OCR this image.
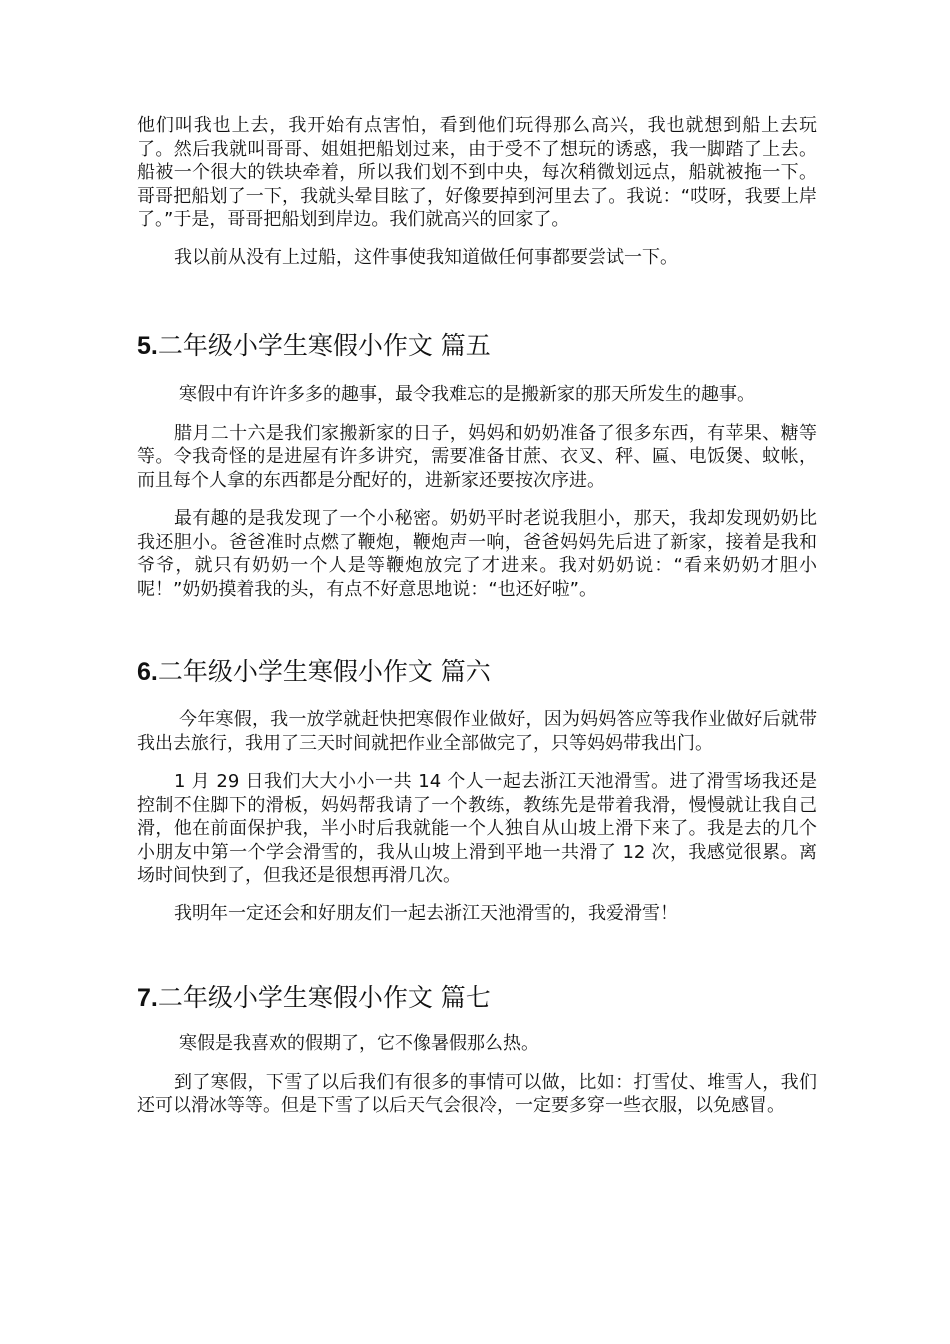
他们叫我也上去，我开始有点害怕，看到他们玩得那么高兴，我也就想到船上去玩了。然后我就叫哥哥、姐姐把船划过来，由于受不了想玩的诱惑，我一脚踏了上去。船被一个很大的铁块牵着，所以我们划不到中央，每次稍微划远点，船就被拖一下。哥哥把船划了一下，我就头晕目眩了，好像要掉到河里去了。我说：“哎呀，我要上岸了。”于是，哥哥把船划到岸边。我们就高兴的回家了。

我以前从没有上过船，这件事使我知道做任何事都要尝试一下。

5.二年级小学生寒假小作文 篇五

寒假中有许许多多的趣事，最令我难忘的是搬新家的那天所发生的趣事。

腊月二十六是我们家搬新家的日子，妈妈和奶奶准备了很多东西，有苹果、糖等等。令我奇怪的是进屋有许多讲究，需要准备甘蔗、衣叉、秤、匾、电饭煲、蚊帐，而且每个人拿的东西都是分配好的，进新家还要按次序进。

最有趣的是我发现了一个小秘密。奶奶平时老说我胆小，那天，我却发现奶奶比我还胆小。爸爸准时点燃了鞭炮，鞭炮声一响，爸爸妈妈先后进了新家，接着是我和爷爷，就只有奶奶一个人是等鞭炮放完了才进来。我对奶奶说：“看来奶奶才胆小呢！”奶奶摸着我的头，有点不好意思地说：“也还好啦”。

6.二年级小学生寒假小作文 篇六

今年寒假，我一放学就赶快把寒假作业做好，因为妈妈答应等我作业做好后就带我出去旅行，我用了三天时间就把作业全部做完了，只等妈妈带我出门。

1 月 29 日我们大大小小一共 14 个人一起去浙江天池滑雪。进了滑雪场我还是控制不住脚下的滑板，妈妈帮我请了一个教练，教练先是带着我滑，慢慢就让我自己滑，他在前面保护我，半小时后我就能一个人独自从山坡上滑下来了。我是去的几个小朋友中第一个学会滑雪的，我从山坡上滑到平地一共滑了 12 次，我感觉很累。离场时间快到了，但我还是很想再滑几次。

我明年一定还会和好朋友们一起去浙江天池滑雪的，我爱滑雪！

7.二年级小学生寒假小作文 篇七

寒假是我喜欢的假期了，它不像暑假那么热。

到了寒假，下雪了以后我们有很多的事情可以做，比如：打雪仗、堆雪人，我们还可以滑冰等等。但是下雪了以后天气会很冷，一定要多穿一些衣服，以免感冒。
